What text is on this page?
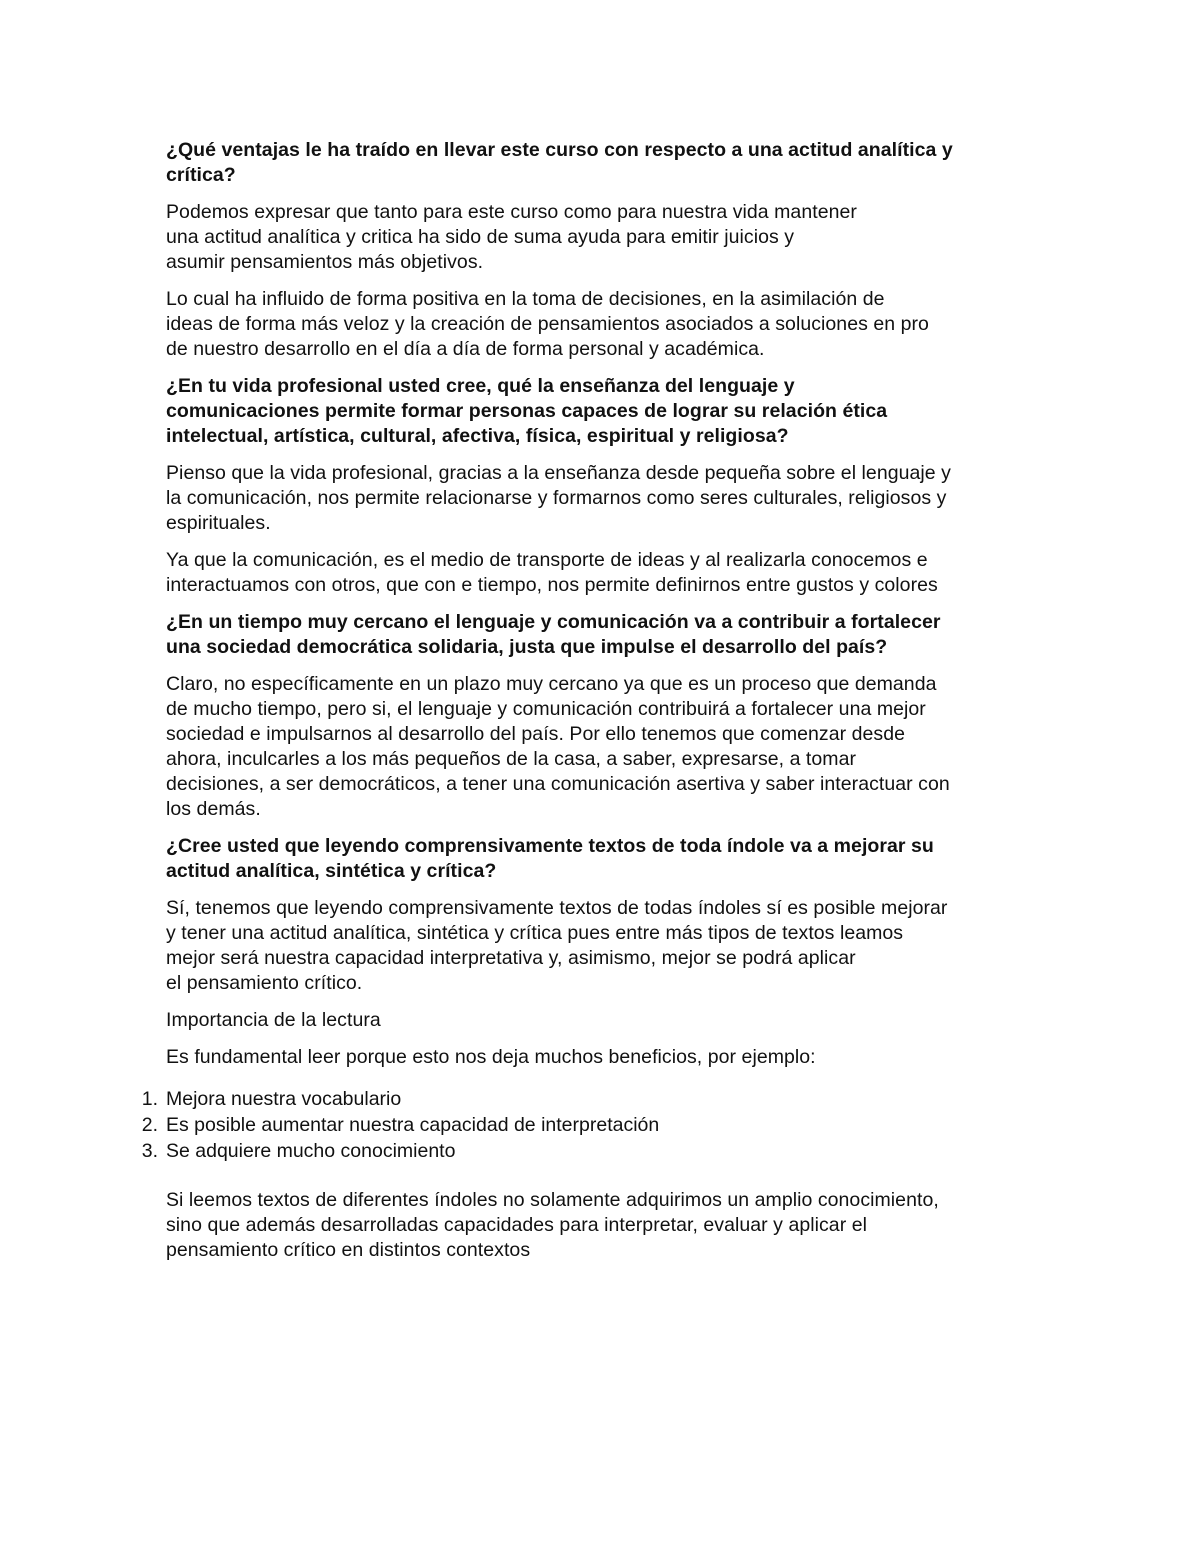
¿Qué ventajas le ha traído en llevar este curso con respecto a una actitud analítica y
crítica?
Podemos expresar que tanto para este curso como para nuestra vida mantener
una actitud analítica y critica ha sido de suma ayuda para emitir juicios y
asumir pensamientos más objetivos.
Lo cual ha influido de forma positiva en la toma de decisiones, en la asimilación de
ideas de forma más veloz y la creación de pensamientos asociados a soluciones en pro
de nuestro desarrollo en el día a día de forma personal y académica.
¿En tu vida profesional usted cree, qué la enseñanza del lenguaje y
comunicaciones permite formar personas capaces de lograr su relación ética
intelectual, artística, cultural, afectiva, física, espiritual y religiosa?
Pienso que la vida profesional, gracias a la enseñanza desde pequeña sobre el lenguaje y
la comunicación, nos permite relacionarse y formarnos como seres culturales, religiosos y
espirituales.
Ya que la comunicación, es el medio de transporte de ideas y al realizarla conocemos e
interactuamos con otros, que con e tiempo, nos permite definirnos entre gustos y colores
¿En un tiempo muy cercano el lenguaje y comunicación va a contribuir a fortalecer
una sociedad democrática solidaria, justa que impulse el desarrollo del país?
Claro, no específicamente en un plazo muy cercano ya que es un proceso que demanda
de mucho tiempo, pero si, el lenguaje y comunicación contribuirá a fortalecer una mejor
sociedad e impulsarnos al desarrollo del país. Por ello tenemos que comenzar desde
ahora, inculcarles a los más pequeños de la casa, a saber, expresarse, a tomar
decisiones, a ser democráticos, a tener una comunicación asertiva y saber interactuar con
los demás.
¿Cree usted que leyendo comprensivamente textos de toda índole va a mejorar su
actitud analítica, sintética y crítica?
Sí, tenemos que leyendo comprensivamente textos de todas índoles sí es posible mejorar
y tener una actitud analítica, sintética y crítica pues entre más tipos de textos leamos
mejor será nuestra capacidad interpretativa y, asimismo, mejor se podrá aplicar
el pensamiento crítico.
Importancia de la lectura
Es fundamental leer porque esto nos deja muchos beneficios, por ejemplo:
1. Mejora nuestra vocabulario
2. Es posible aumentar nuestra capacidad de interpretación
3. Se adquiere mucho conocimiento
Si leemos textos de diferentes índoles no solamente adquirimos un amplio conocimiento,
sino que además desarrolladas capacidades para interpretar, evaluar y aplicar el
pensamiento crítico en distintos contextos
